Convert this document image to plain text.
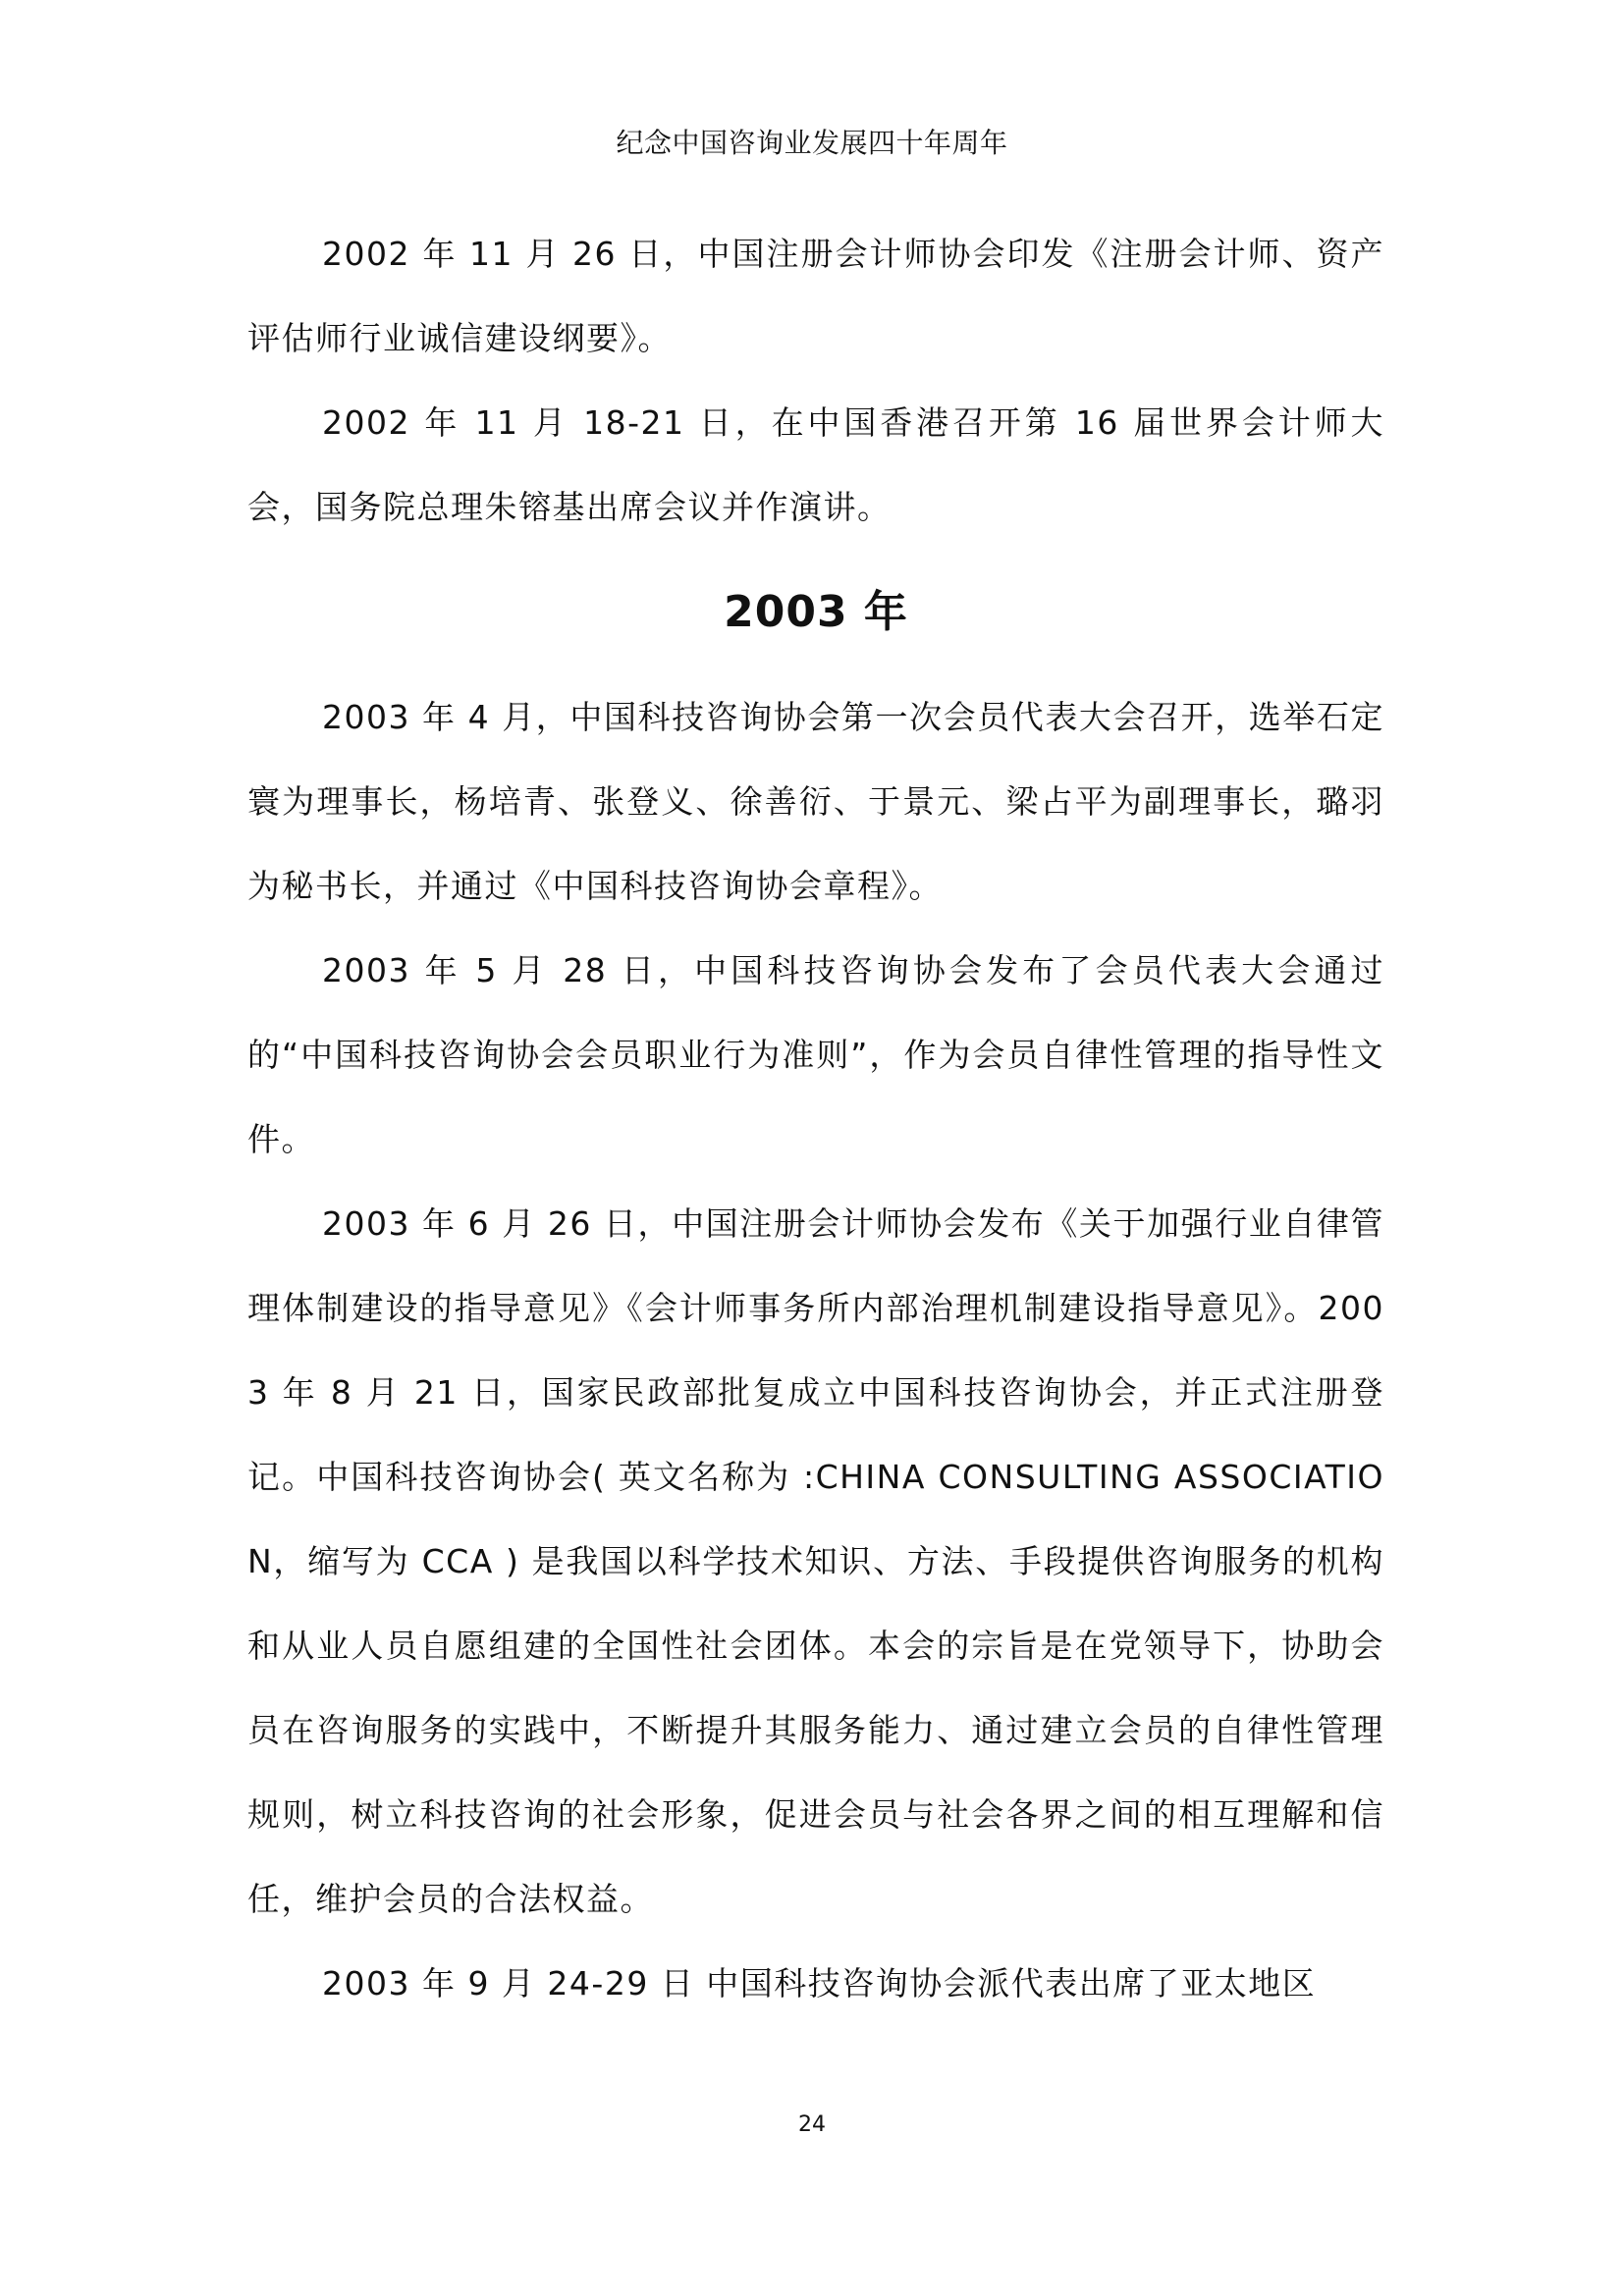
纪念中国咨询业发展四十年周年

2002 年 11 月 26 日，中国注册会计师协会印发《注册会计师、资产评估师行业诚信建设纲要》。

2002 年 11 月 18-21 日，在中国香港召开第 16 届世界会计师大会，国务院总理朱镕基出席会议并作演讲。

2003 年

2003 年 4 月，中国科技咨询协会第一次会员代表大会召开，选举石定寰为理事长，杨培青、张登义、徐善衍、于景元、梁占平为副理事长，璐羽为秘书长，并通过《中国科技咨询协会章程》。

2003 年 5 月 28 日，中国科技咨询协会发布了会员代表大会通过的“中国科技咨询协会会员职业行为准则”，作为会员自律性管理的指导性文件。

2003 年 6 月 26 日，中国注册会计师协会发布《关于加强行业自律管理体制建设的指导意见》《会计师事务所内部治理机制建设指导意见》。2003 年 8 月 21 日，国家民政部批复成立中国科技咨询协会，并正式注册登记。中国科技咨询协会( 英文名称为 :CHINA CONSULTING ASSOCIATION，缩写为 CCA ) 是我国以科学技术知识、方法、手段提供咨询服务的机构和从业人员自愿组建的全国性社会团体。本会的宗旨是在党领导下，协助会员在咨询服务的实践中，不断提升其服务能力、通过建立会员的自律性管理规则，树立科技咨询的社会形象，促进会员与社会各界之间的相互理解和信任，维护会员的合法权益。

2003 年 9 月 24-29 日 中国科技咨询协会派代表出席了亚太地区

24
